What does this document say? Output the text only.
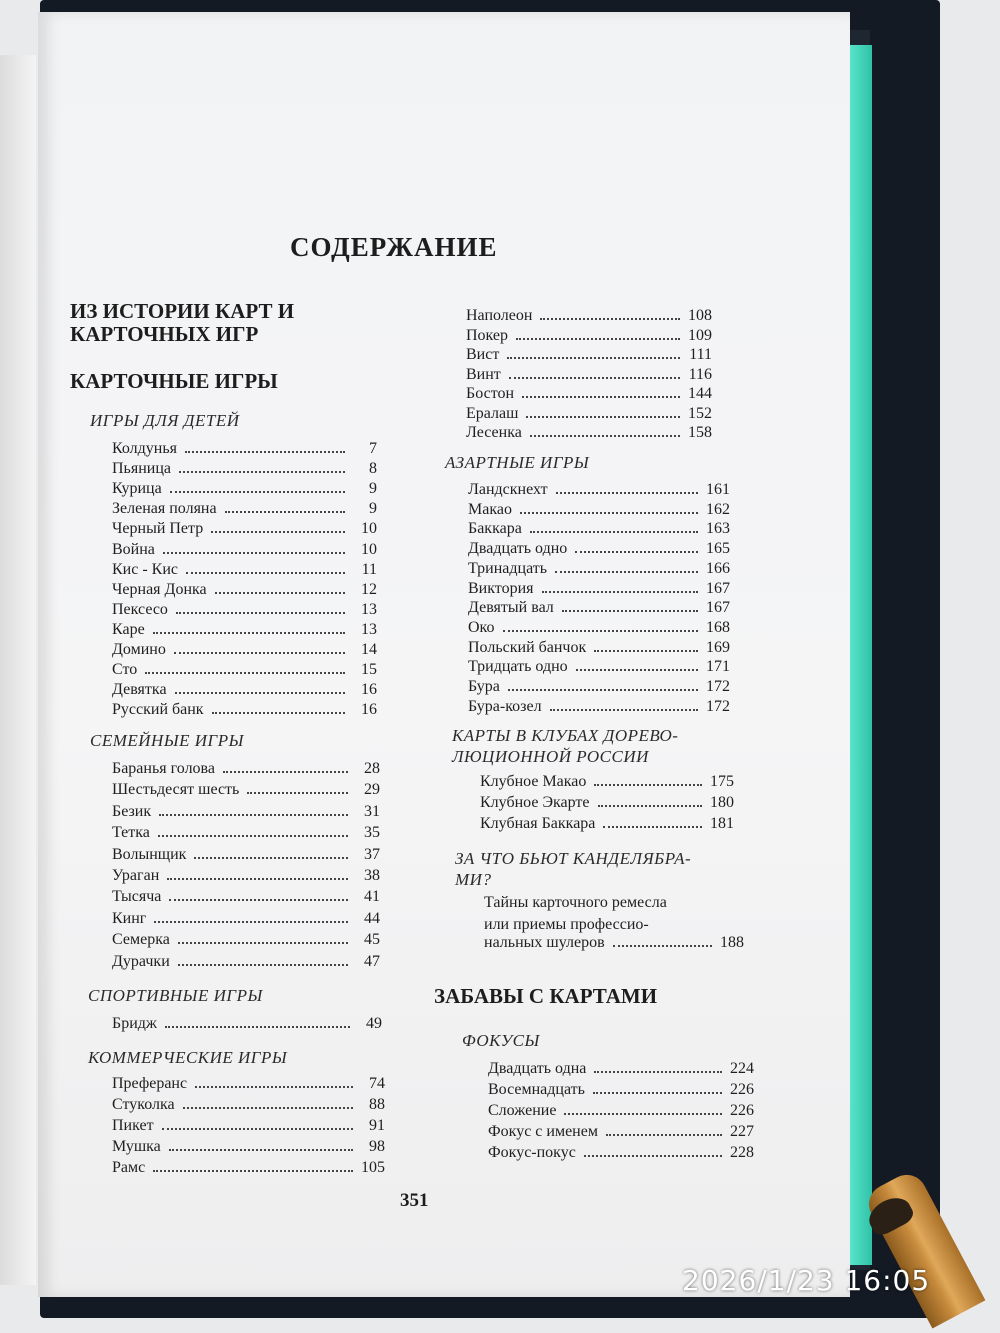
СОДЕРЖАНИЕ
ИЗ ИСТОРИИ КАРТ И
КАРТОЧНЫХ ИГР
КАРТОЧНЫЕ ИГРЫ
ИГРЫ ДЛЯ ДЕТЕЙ
Колдунья	7
Пьяница	8
Курица	9
Зеленая поляна	9
Черный Петр	10
Война	10
Кис - Кис	11
Черная Донка	12
Пексесо	13
Каре	13
Домино	14
Сто	15
Девятка	16
Русский банк	16
СЕМЕЙНЫЕ ИГРЫ
Баранья голова	28
Шестьдесят шесть	29
Безик	31
Тетка	35
Волынщик	37
Ураган	38
Тысяча	41
Кинг	44
Семерка	45
Дурачки	47
СПОРТИВНЫЕ ИГРЫ
Бридж	49
КОММЕРЧЕСКИЕ ИГРЫ
Преферанс	74
Стуколка	88
Пикет	91
Мушка	98
Рамс	105
Наполеон	108
Покер	109
Вист	111
Винт	116
Бостон	144
Ералаш	152
Лесенка	158
АЗАРТНЫЕ ИГРЫ
Ландскнехт	161
Макао	162
Баккара	163
Двадцать одно	165
Тринадцать	166
Виктория	167
Девятый вал	167
Око	168
Польский банчок	169
Тридцать одно	171
Бура	172
Бура-козел	172
КАРТЫ В КЛУБАХ ДОРЕВО-
ЛЮЦИОННОЙ РОССИИ
Клубное Макао	175
Клубное Экарте	180
Клубная Баккара	181
ЗА ЧТО БЬЮТ КАНДЕЛЯБРА-
МИ?
Тайны карточного ремесла
или приемы профессио-
нальных шулеров	188
ЗАБАВЫ С КАРТАМИ
ФОКУСЫ
Двадцать одна	224
Восемнадцать	226
Сложение	226
Фокус с именем	227
Фокус-покус	228
351
2026/1/23 16:05
